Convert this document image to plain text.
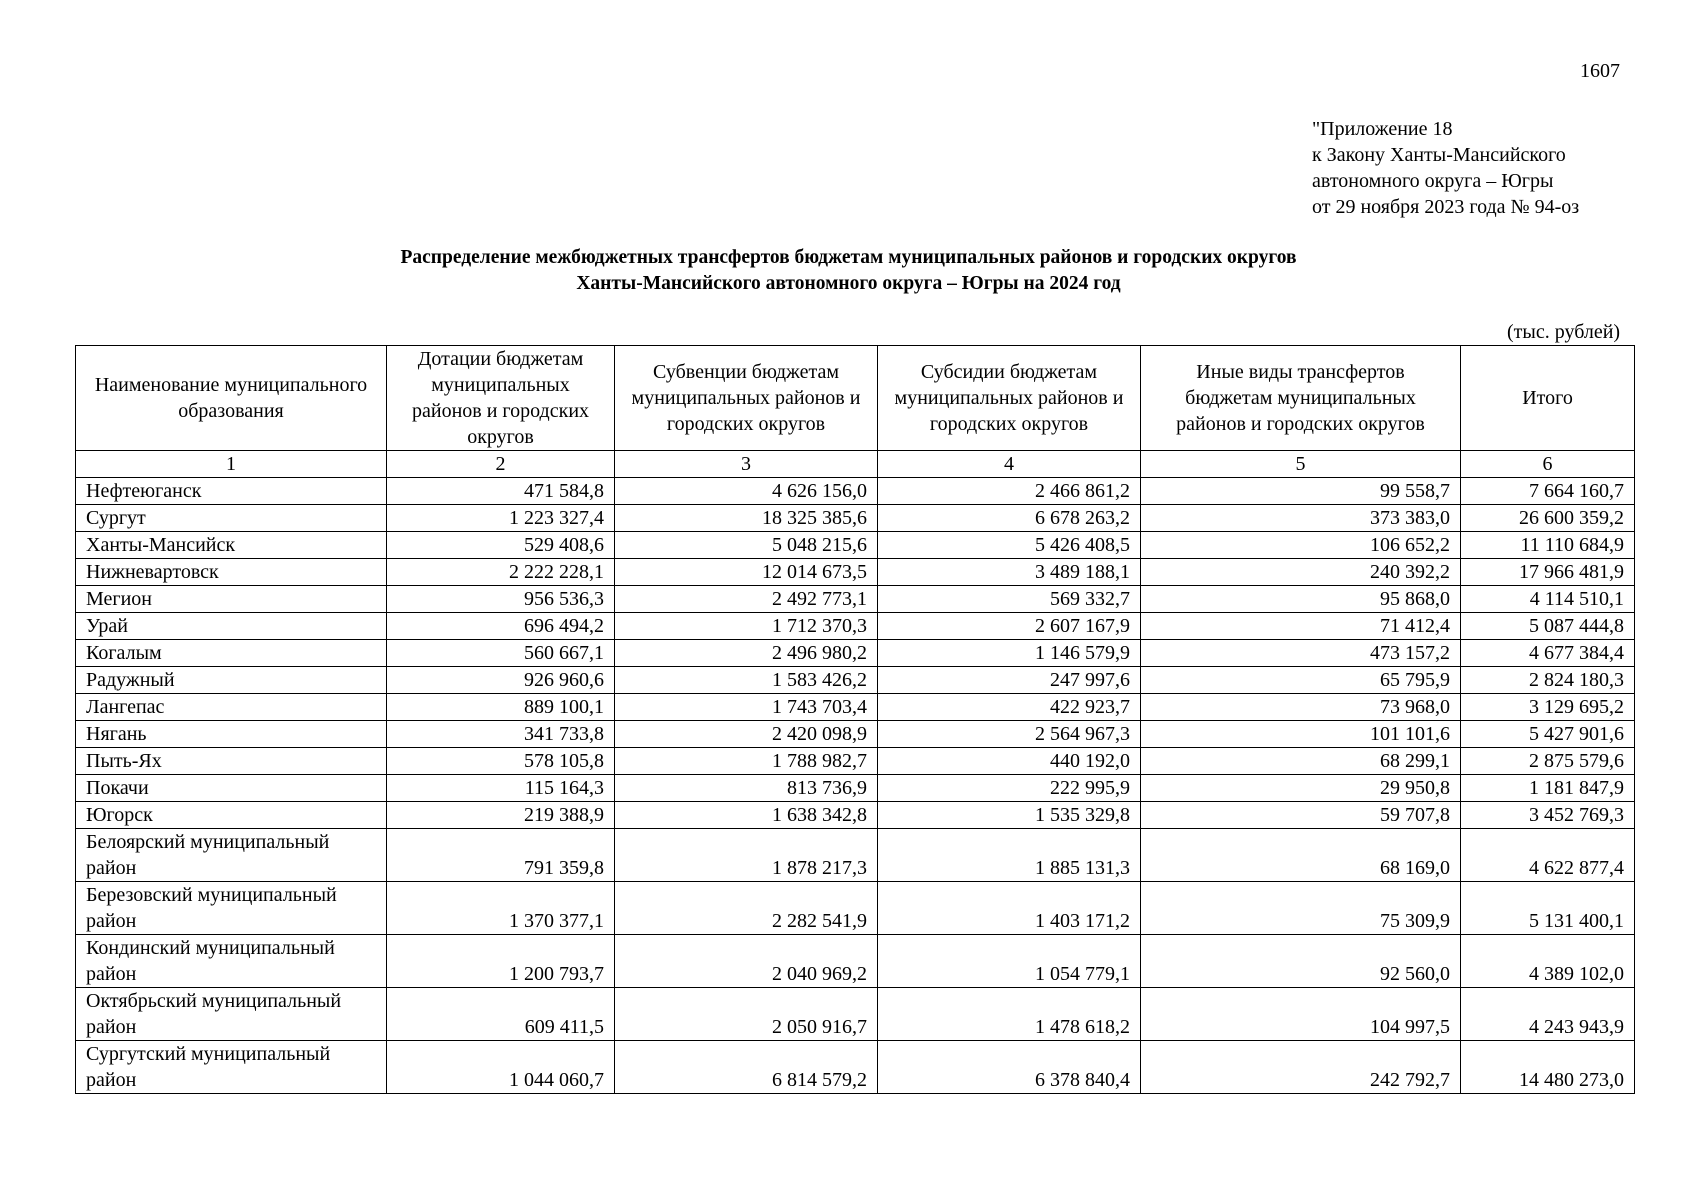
1607
"Приложение 18
к Закону Ханты-Мансийского
автономного округа – Югры
от 29 ноября 2023 года № 94-оз
Распределение межбюджетных трансфертов бюджетам муниципальных районов и городских округов
Ханты-Мансийского автономного округа – Югры на 2024 год
(тыс. рублей)
Наименование муниципального образования	Дотации бюджетам муниципальных районов и городских округов	Субвенции бюджетам муниципальных районов и городских округов	Субсидии бюджетам муниципальных районов и городских округов	Иные виды трансфертов бюджетам муниципальных районов и городских округов	Итого
1	2	3	4	5	6
Нефтеюганск	471 584,8	4 626 156,0	2 466 861,2	99 558,7	7 664 160,7
Сургут	1 223 327,4	18 325 385,6	6 678 263,2	373 383,0	26 600 359,2
Ханты-Мансийск	529 408,6	5 048 215,6	5 426 408,5	106 652,2	11 110 684,9
Нижневартовск	2 222 228,1	12 014 673,5	3 489 188,1	240 392,2	17 966 481,9
Мегион	956 536,3	2 492 773,1	569 332,7	95 868,0	4 114 510,1
Урай	696 494,2	1 712 370,3	2 607 167,9	71 412,4	5 087 444,8
Когалым	560 667,1	2 496 980,2	1 146 579,9	473 157,2	4 677 384,4
Радужный	926 960,6	1 583 426,2	247 997,6	65 795,9	2 824 180,3
Лангепас	889 100,1	1 743 703,4	422 923,7	73 968,0	3 129 695,2
Нягань	341 733,8	2 420 098,9	2 564 967,3	101 101,6	5 427 901,6
Пыть-Ях	578 105,8	1 788 982,7	440 192,0	68 299,1	2 875 579,6
Покачи	115 164,3	813 736,9	222 995,9	29 950,8	1 181 847,9
Югорск	219 388,9	1 638 342,8	1 535 329,8	59 707,8	3 452 769,3
Белоярский муниципальный район	791 359,8	1 878 217,3	1 885 131,3	68 169,0	4 622 877,4
Березовский муниципальный район	1 370 377,1	2 282 541,9	1 403 171,2	75 309,9	5 131 400,1
Кондинский муниципальный район	1 200 793,7	2 040 969,2	1 054 779,1	92 560,0	4 389 102,0
Октябрьский муниципальный район	609 411,5	2 050 916,7	1 478 618,2	104 997,5	4 243 943,9
Сургутский муниципальный район	1 044 060,7	6 814 579,2	6 378 840,4	242 792,7	14 480 273,0
